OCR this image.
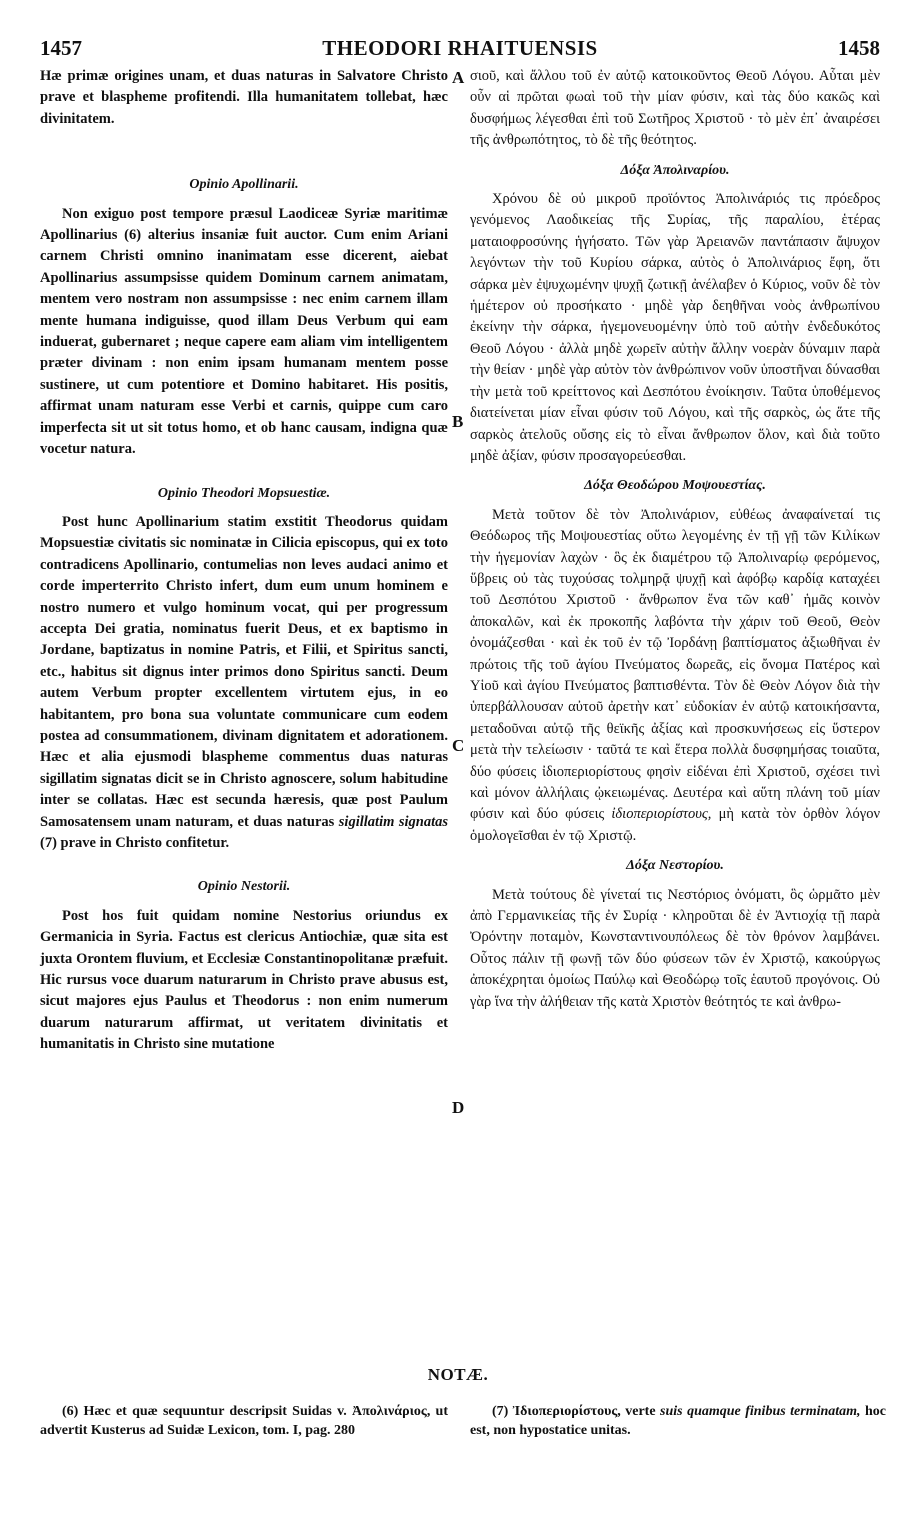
1457	THEODORI RHAITUENSIS	1458

Hæ primæ origines unam, et duas naturas in Salvatore Christo prave et blaspheme profitendi. Illa humanitatem tollebat, hæc divinitatem.

Opinio Apollinarii.

Non exiguo post tempore præsul Laodiceæ Syriæ maritimæ Apollinarius (6) alterius insaniæ fuit auctor. Cum enim Ariani carnem Christi omnino inanimatam esse dicerent, aiebat Apollinarius assumpsisse quidem Dominum carnem animatam, mentem vero nostram non assumpsisse : nec enim carnem illam mente humana indiguisse, quod illam Deus Verbum qui eam induerat, gubernaret ; neque capere eam aliam vim intelligentem præter divinam : non enim ipsam humanam mentem posse sustinere, ut cum potentiore et Domino habitaret. His positis, affirmat unam naturam esse Verbi et carnis, quippe cum caro imperfecta sit ut sit totus homo, et ob hanc causam, indigna quæ vocetur natura.

Opinio Theodori Mopsuestiæ.

Post hunc Apollinarium statim exstitit Theodorus quidam Mopsuestiæ civitatis sic nominatæ in Cilicia episcopus, qui ex toto contradicens Apollinario, contumelias non leves audaci animo et corde imperterrito Christo infert, dum eum unum hominem e nostro numero et vulgo hominum vocat, qui per progressum accepta Dei gratia, nominatus fuerit Deus, et ex baptismo in Jordane, baptizatus in nomine Patris, et Filii, et Spiritus sancti, etc., habitus sit dignus inter primos dono Spiritus sancti. Deum autem Verbum propter excellentem virtutem ejus, in eo habitantem, pro bona sua voluntate communicare cum eodem postea ad consummationem, divinam dignitatem et adorationem. Hæc et alia ejusmodi blaspheme commentus duas naturas sigillatim signatas dicit se in Christo agnoscere, solum habitudine inter se collatas. Hæc est secunda hæresis, quæ post Paulum Samosatensem unam naturam, et duas naturas sigillatim signatas (7) prave in Christo confitetur.

Opinio Nestorii.

Post hos fuit quidam nomine Nestorius oriundus ex Germanicia in Syria. Factus est clericus Antiochiæ, quæ sita est juxta Orontem fluvium, et Ecclesiæ Constantinopolitanæ præfuit. Hic rursus voce duarum naturarum in Christo prave abusus est, sicut majores ejus Paulus et Theodorus : non enim numerum duarum naturarum affirmat, ut veritatem divinitatis et humanitatis in Christo sine mutatione

A
B
C
D

σιοῦ, καὶ ἄλλου τοῦ ἐν αὐτῷ κατοικοῦντος Θεοῦ Λόγου. Αὗται μὲν οὖν αἱ πρῶται φωαὶ τοῦ τὴν μίαν φύσιν, καὶ τὰς δύο κακῶς καὶ δυσφήμως λέγεσθαι ἐπὶ τοῦ Σωτῆρος Χριστοῦ · τὸ μὲν ἐπ᾿ ἀναιρέσει τῆς ἀνθρωπότητος, τὸ δὲ τῆς θεότητος.

Δόξα Ἀπολιναρίου.

Χρόνου δὲ οὐ μικροῦ προϊόντος Ἀπολινάριός τις πρόεδρος γενόμενος Λαοδικείας τῆς Συρίας, τῆς παραλίου, ἑτέρας ματαιοφροσύνης ἡγήσατο. Τῶν γὰρ Ἀρειανῶν παντάπασιν ἄψυχον λεγόντων τὴν τοῦ Κυρίου σάρκα, αὐτὸς ὁ Ἀπολινάριος ἔφη, ὅτι σάρκα μὲν ἐψυχωμένην ψυχῇ ζωτικῇ ἀνέλαβεν ὁ Κύριος, νοῦν δὲ τὸν ἡμέτερον οὐ προσήκατο · μηδὲ γὰρ δεηθῆναι νοὸς ἀνθρωπίνου ἐκείνην τὴν σάρκα, ἡγεμονευομένην ὑπὸ τοῦ αὐτὴν ἐνδεδυκότος Θεοῦ Λόγου · ἀλλὰ μηδὲ χωρεῖν αὐτὴν ἄλλην νοερὰν δύναμιν παρὰ τὴν θείαν · μηδὲ γὰρ αὐτὸν τὸν ἀνθρώπινον νοῦν ὑποστῆναι δύνασθαι τὴν μετὰ τοῦ κρείττονος καὶ Δεσπότου ἐνοίκησιν. Ταῦτα ὑποθέμενος διατείνεται μίαν εἶναι φύσιν τοῦ Λόγου, καὶ τῆς σαρκὸς, ὡς ἅτε τῆς σαρκὸς ἀτελοῦς οὔσης εἰς τὸ εἶναι ἄνθρωπον ὅλον, καὶ διὰ τοῦτο μηδὲ ἀξίαν, φύσιν προσαγορεύεσθαι.

Δόξα Θεοδώρου Μοψουεστίας.

Μετὰ τοῦτον δὲ τὸν Ἀπολινάριον, εὐθέως ἀναφαίνεταί τις Θεόδωρος τῆς Μοψουεστίας οὕτω λεγομένης ἐν τῇ γῇ τῶν Κιλίκων τὴν ἡγεμονίαν λαχὼν · ὃς ἐκ διαμέτρου τῷ Ἀπολιναρίῳ φερόμενος, ὕβρεις οὐ τὰς τυχούσας τολμηρᾷ ψυχῇ καὶ ἀφόβῳ καρδίᾳ καταχέει τοῦ Δεσπότου Χριστοῦ · ἄνθρωπον ἕνα τῶν καθ᾿ ἡμᾶς κοινὸν ἀποκαλῶν, καὶ ἐκ προκοπῆς λαβόντα τὴν χάριν τοῦ Θεοῦ, Θεὸν ὀνομάζεσθαι · καὶ ἐκ τοῦ ἐν τῷ Ἰορδάνῃ βαπτίσματος ἀξιωθῆναι ἐν πρώτοις τῆς τοῦ ἁγίου Πνεύματος δωρεᾶς, εἰς ὄνομα Πατέρος καὶ Υἱοῦ καὶ ἁγίου Πνεύματος βαπτισθέντα. Τὸν δὲ Θεὸν Λόγον διὰ τὴν ὑπερβάλλουσαν αὐτοῦ ἀρετὴν κατ᾿ εὐδοκίαν ἐν αὐτῷ κατοικήσαντα, μεταδοῦναι αὐτῷ τῆς θεϊκῆς ἀξίας καὶ προσκυνήσεως εἰς ὕστερον μετὰ τὴν τελείωσιν · ταῦτά τε καὶ ἕτερα πολλὰ δυσφημήσας τοιαῦτα, δύο φύσεις ἰδιοπεριορίστους φησὶν εἰδέναι ἐπὶ Χριστοῦ, σχέσει τινὶ καὶ μόνον ἀλλήλαις ᾠκειωμένας. Δευτέρα καὶ αὕτη πλάνη τοῦ μίαν φύσιν καὶ δύο φύσεις ἰδιοπεριορίστους, μὴ κατὰ τὸν ὀρθὸν λόγον ὁμολογεῖσθαι ἐν τῷ Χριστῷ.

Δόξα Νεστορίου.

Μετὰ τούτους δὲ γίνεταί τις Νεστόριος ὀνόματι, ὃς ὡρμᾶτο μὲν ἀπὸ Γερμανικείας τῆς ἐν Συρίᾳ · κληροῦται δὲ ἐν Ἀντιοχίᾳ τῇ παρὰ Ὀρόντην ποταμὸν, Κωνσταντινουπόλεως δὲ τὸν θρόνον λαμβάνει. Οὗτος πάλιν τῇ φωνῇ τῶν δύο φύσεων τῶν ἐν Χριστῷ, κακούργως ἀποκέχρηται ὁμοίως Παύλῳ καὶ Θεοδώρῳ τοῖς ἑαυτοῦ προγόνοις. Οὐ γὰρ ἵνα τὴν ἀλήθειαν τῆς κατὰ Χριστὸν θεότητός τε καὶ ἀνθρω-

NOTÆ.

(6) Hæc et quæ sequuntur descripsit Suidas v. Ἀπολινάριος, ut advertit Kusterus ad Suidæ Lexicon, tom. I, pag. 280

(7) Ἰδιοπεριορίστους, verte suis quamque finibus terminatam, hoc est, non hypostatice unitas.
